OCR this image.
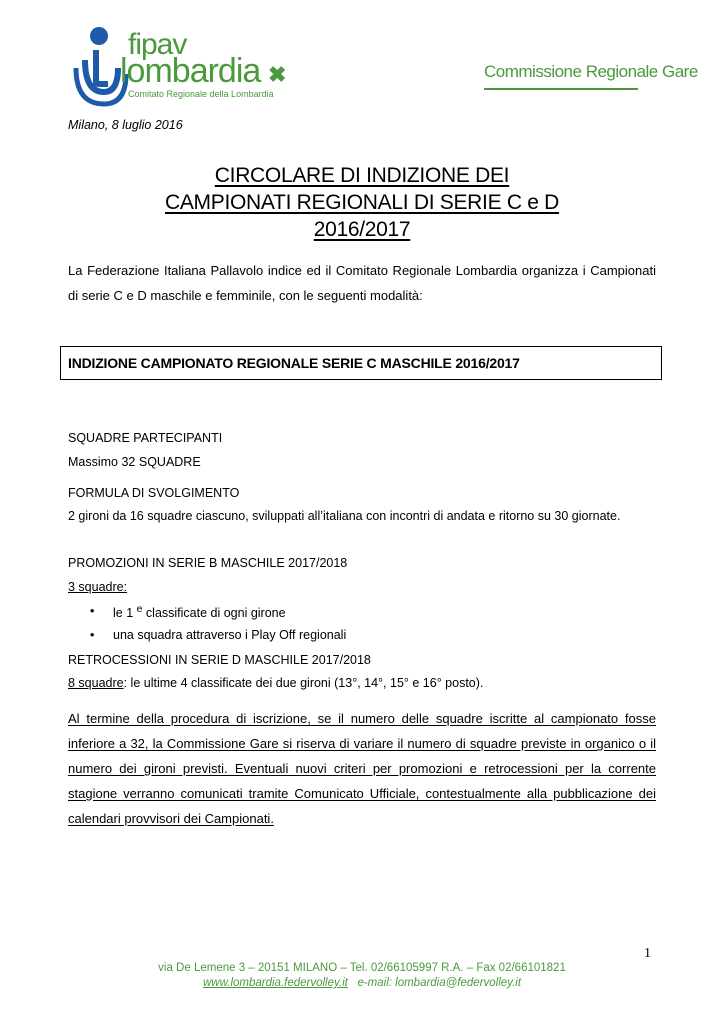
fipav
lombardia ✖
Comitato Regionale della Lombardia
Commissione Regionale Gare
Milano, 8 luglio 2016
CIRCOLARE DI INDIZIONE DEI
CAMPIONATI REGIONALI DI SERIE C e D
2016/2017
La Federazione Italiana Pallavolo indice ed il Comitato Regionale Lombardia organizza i Campionati di serie C e D maschile e femminile, con le seguenti modalità:
INDIZIONE CAMPIONATO REGIONALE SERIE C MASCHILE 2016/2017
SQUADRE PARTECIPANTI
Massimo 32 SQUADRE
FORMULA DI SVOLGIMENTO
2 gironi da 16 squadre ciascuno, sviluppati all’italiana con incontri di andata e ritorno su 30 giornate.
PROMOZIONI IN SERIE B MASCHILE 2017/2018
3 squadre:
• le 1 $^e$ classificate di ogni girone
• una squadra attraverso i Play Off regionali
RETROCESSIONI IN SERIE D MASCHILE 2017/2018
8 squadre: le ultime 4 classificate dei due gironi (13°, 14°, 15° e 16° posto).
Al termine della procedura di iscrizione, se il numero delle squadre iscritte al campionato fosse inferiore a 32, la Commissione Gare si riserva di variare il numero di squadre previste in organico o il numero dei gironi previsti. Eventuali nuovi criteri per promozioni e retrocessioni per la corrente stagione verranno comunicati tramite Comunicato Ufficiale, contestualmente alla pubblicazione dei calendari provvisori dei Campionati.
1
via De Lemene 3 – 20151 MILANO – Tel. 02/66105997 R.A. – Fax 02/66101821
www.lombardia.federvolley.it e-mail: lombardia@federvolley.it
